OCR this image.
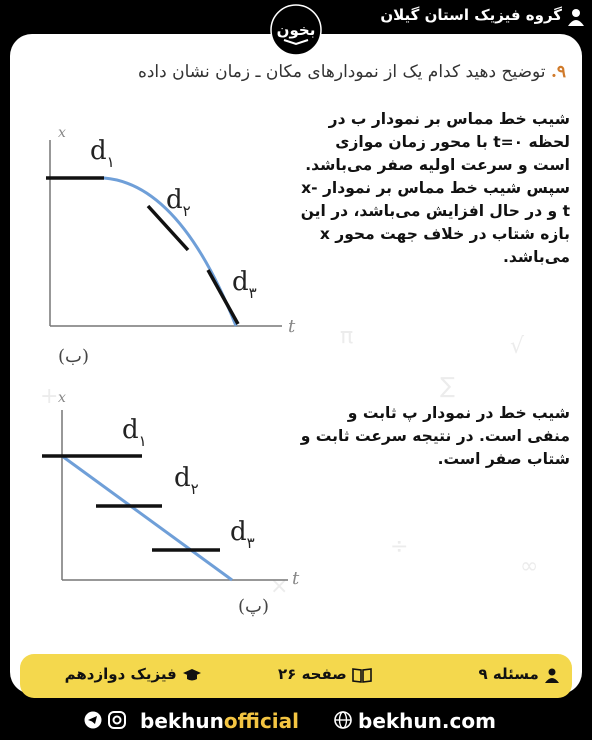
گروه فیزیک استان گیلان
π
∑
√
÷
∞
+
×
بخون
۹. توضیح دهید کدام یک از نمودارهای مکان ـ زمان نشان داده
x
t
$d_۱$
$d_۲$
$d_۳$
(ب)
x
t
$d_۱$
$d_۲$
$d_۳$
(پ)
شیب خط مماس بر نمودار ب در لحظه ۰=t با محور زمان موازی است و سرعت اولیه صفر می‌باشد. سپس شیب خط مماس بر نمودار x-t و در حال افزایش می‌باشد، در این بازه شتاب در خلاف جهت محور x می‌باشد.
شیب خط در نمودار پ ثابت و منفی است. در نتیجه سرعت ثابت و شتاب صفر است.
مسئله ۹
صفحه ۲۶
فیزیک دوازدهم
bekhunofficial	bekhun.com
